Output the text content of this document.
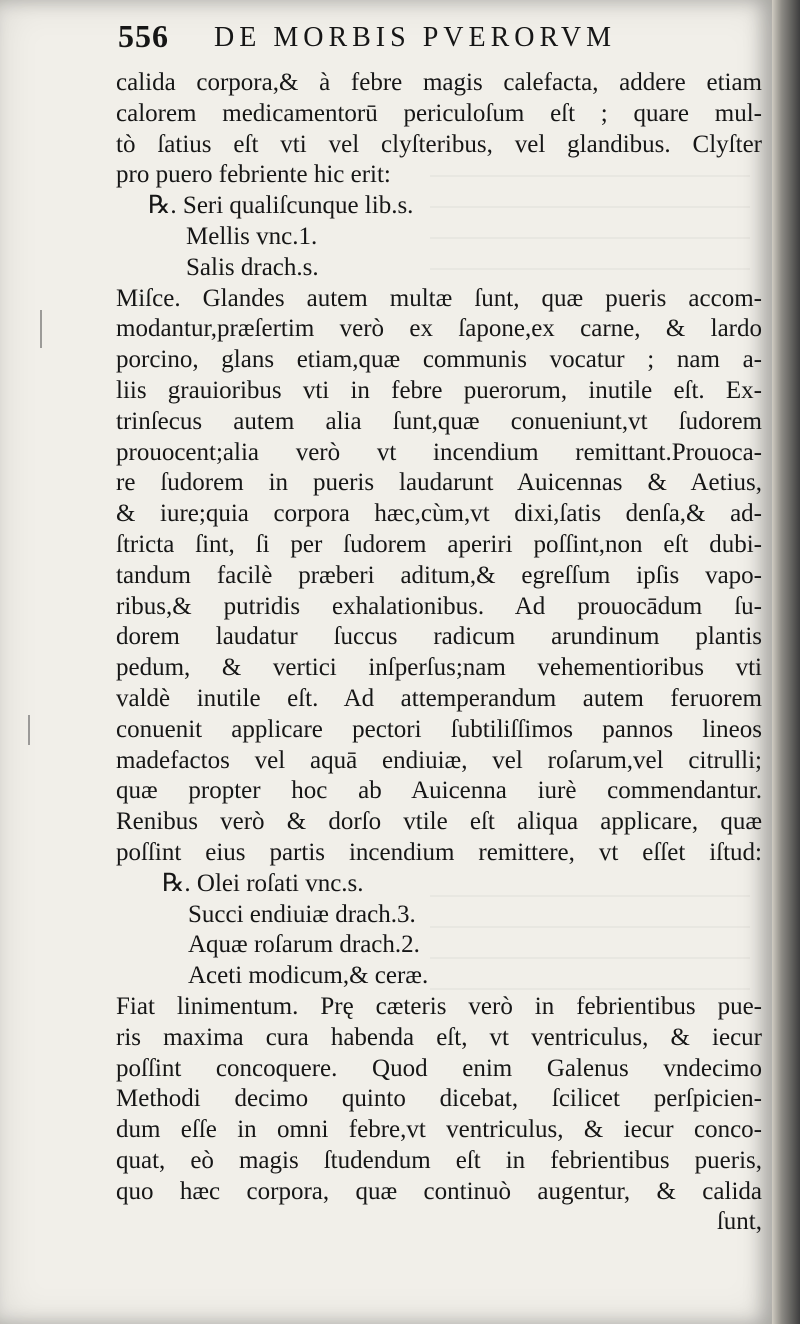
556 DE MORBIS PVERORVM
calida corpora,& à febre magis calefacta, addere etiam
calorem medicamentorū periculoſum eſt ; quare mul-
tò ſatius eſt vti vel clyſteribus, vel glandibus. Clyſter
pro puero febriente hic erit:
℞. Seri qualiſcunque lib.s.
Mellis vnc.1.
Salis drach.s.
Miſce. Glandes autem multæ ſunt, quæ pueris accom-
modantur,præſertim verò ex ſapone,ex carne, & lardo
porcino, glans etiam,quæ communis vocatur ; nam a-
liis grauioribus vti in febre puerorum, inutile eſt. Ex-
trinſecus autem alia ſunt,quæ conueniunt,vt ſudorem
prouocent;alia verò vt incendium remittant.Prouoca-
re ſudorem in pueris laudarunt Auicennas & Aetius,
& iure;quia corpora hæc,cùm,vt dixi,ſatis denſa,& ad-
ſtricta ſint, ſi per ſudorem aperiri poſſint,non eſt dubi-
tandum facilè præberi aditum,& egreſſum ipſis vapo-
ribus,& putridis exhalationibus. Ad prouocādum ſu-
dorem laudatur ſuccus radicum arundinum plantis
pedum, & vertici inſperſus;nam vehementioribus vti
valdè inutile eſt. Ad attemperandum autem feruorem
conuenit applicare pectori ſubtiliſſimos pannos lineos
madefactos vel aquā endiuiæ, vel roſarum,vel citrulli;
quæ propter hoc ab Auicenna iurè commendantur.
Renibus verò & dorſo vtile eſt aliqua applicare, quæ
poſſint eius partis incendium remittere, vt eſſet iſtud:
℞. Olei roſati vnc.s.
Succi endiuiæ drach.3.
Aquæ roſarum drach.2.
Aceti modicum,& ceræ.
Fiat linimentum. Prę cæteris verò in febrientibus pue-
ris maxima cura habenda eſt, vt ventriculus, & iecur
poſſint concoquere. Quod enim Galenus vndecimo
Methodi decimo quinto dicebat, ſcilicet perſpicien-
dum eſſe in omni febre,vt ventriculus, & iecur conco-
quat, eò magis ſtudendum eſt in febrientibus pueris,
quo hæc corpora, quæ continuò augentur, & calida
ſunt,
